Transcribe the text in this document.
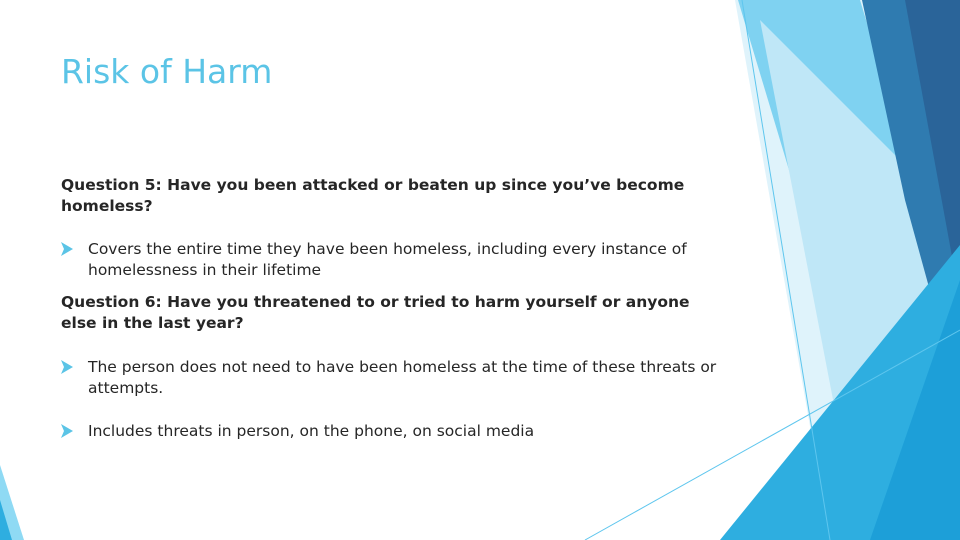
Risk of Harm

Question 5: Have you been attacked or beaten up since you’ve become homeless?

Covers the entire time they have been homeless, including every instance of homelessness in their lifetime

Question 6: Have you threatened to or tried to harm yourself or anyone else in the last year?

The person does not need to have been homeless at the time of these threats or attempts.
Includes threats in person, on the phone, on social media
